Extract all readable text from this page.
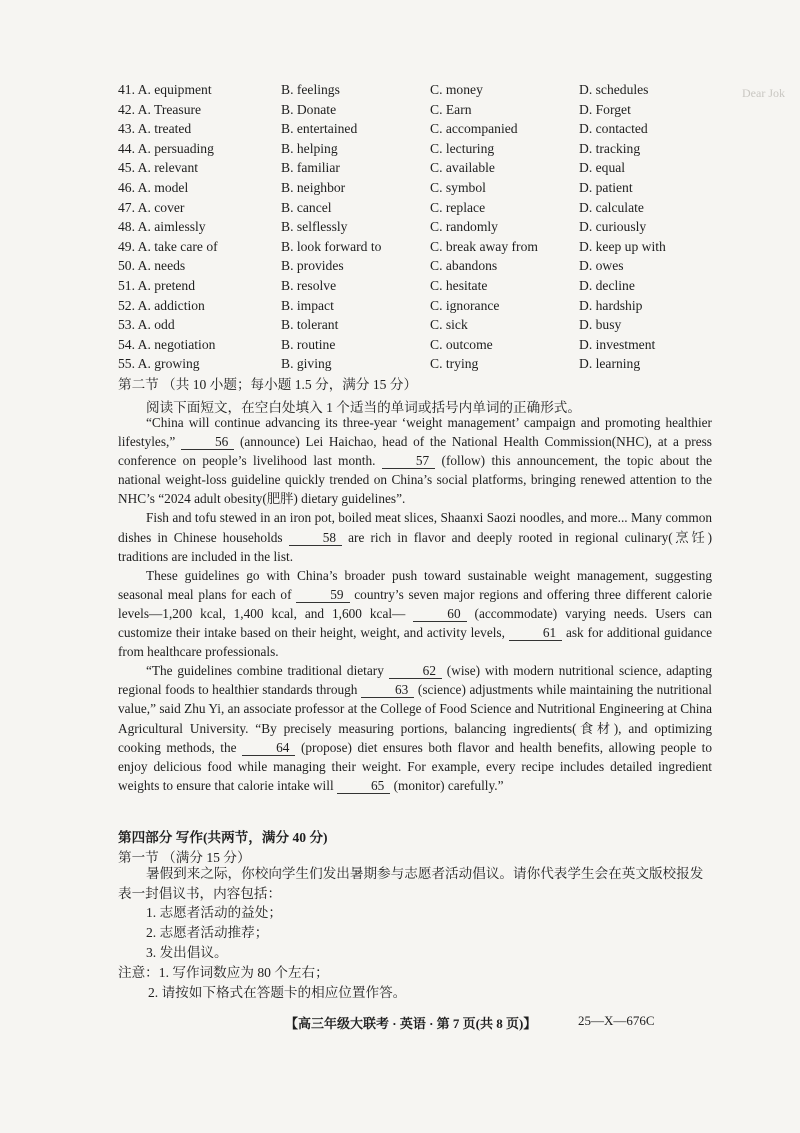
Dear Jok
41. A. equipment	B. feelings	C. money	D. schedules
42. A. Treasure	B. Donate	C. Earn	D. Forget
43. A. treated	B. entertained	C. accompanied	D. contacted
44. A. persuading	B. helping	C. lecturing	D. tracking
45. A. relevant	B. familiar	C. available	D. equal
46. A. model	B. neighbor	C. symbol	D. patient
47. A. cover	B. cancel	C. replace	D. calculate
48. A. aimlessly	B. selflessly	C. randomly	D. curiously
49. A. take care of	B. look forward to	C. break away from	D. keep up with
50. A. needs	B. provides	C. abandons	D. owes
51. A. pretend	B. resolve	C. hesitate	D. decline
52. A. addiction	B. impact	C. ignorance	D. hardship
53. A. odd	B. tolerant	C. sick	D. busy
54. A. negotiation	B. routine	C. outcome	D. investment
55. A. growing	B. giving	C. trying	D. learning
第二节 （共 10 小题；每小题 1.5 分，满分 15 分）
阅读下面短文，在空白处填入 1 个适当的单词或括号内单词的正确形式。

“China will continue advancing its three-year ‘weight management’ campaign and promoting healthier lifestyles,”	56 (announce) Lei Haichao, head of the National Health Commission(NHC), at a press conference on people’s livelihood last month.	57 (follow) this announcement, the topic about the national weight-loss guideline quickly trended on China’s social platforms, bringing renewed attention to the NHC’s “2024 adult obesity(肥胖) dietary guidelines”.

Fish and tofu stewed in an iron pot, boiled meat slices, Shaanxi Saozi noodles, and more... Many common dishes in Chinese households	58 are rich in flavor and deeply rooted in regional culinary(烹饪) traditions are included in the list.

These guidelines go with China’s broader push toward sustainable weight management, suggesting seasonal meal plans for each of	59 country’s seven major regions and offering three different calorie levels—1,200 kcal, 1,400 kcal, and 1,600 kcal—	60 (accommodate) varying needs. Users can customize their intake based on their height, weight, and activity levels,	61 ask for additional guidance from healthcare professionals.

“The guidelines combine traditional dietary	62 (wise) with modern nutritional science, adapting regional foods to healthier standards through	63 (science) adjustments while maintaining the nutritional value,” said Zhu Yi, an associate professor at the College of Food Science and Nutritional Engineering at China Agricultural University. “By precisely measuring portions, balancing ingredients(食材), and optimizing cooking methods, the	64 (propose) diet ensures both flavor and health benefits, allowing people to enjoy delicious food while managing their weight. For example, every recipe includes detailed ingredient weights to ensure that calorie intake will	65 (monitor) carefully.”

第四部分 写作(共两节，满分 40 分)
第一节 （满分 15 分）

暑假到来之际，你校向学生们发出暑期参与志愿者活动倡议。请你代表学生会在英文版校报发表一封倡议书，内容包括：

1. 志愿者活动的益处；
2. 志愿者活动推荐；
3. 发出倡议。
注意：1. 写作词数应为 80 个左右；
2. 请按如下格式在答题卡的相应位置作答。
【高三年级大联考 · 英语 · 第 7 页(共 8 页)】	25—X—676C
